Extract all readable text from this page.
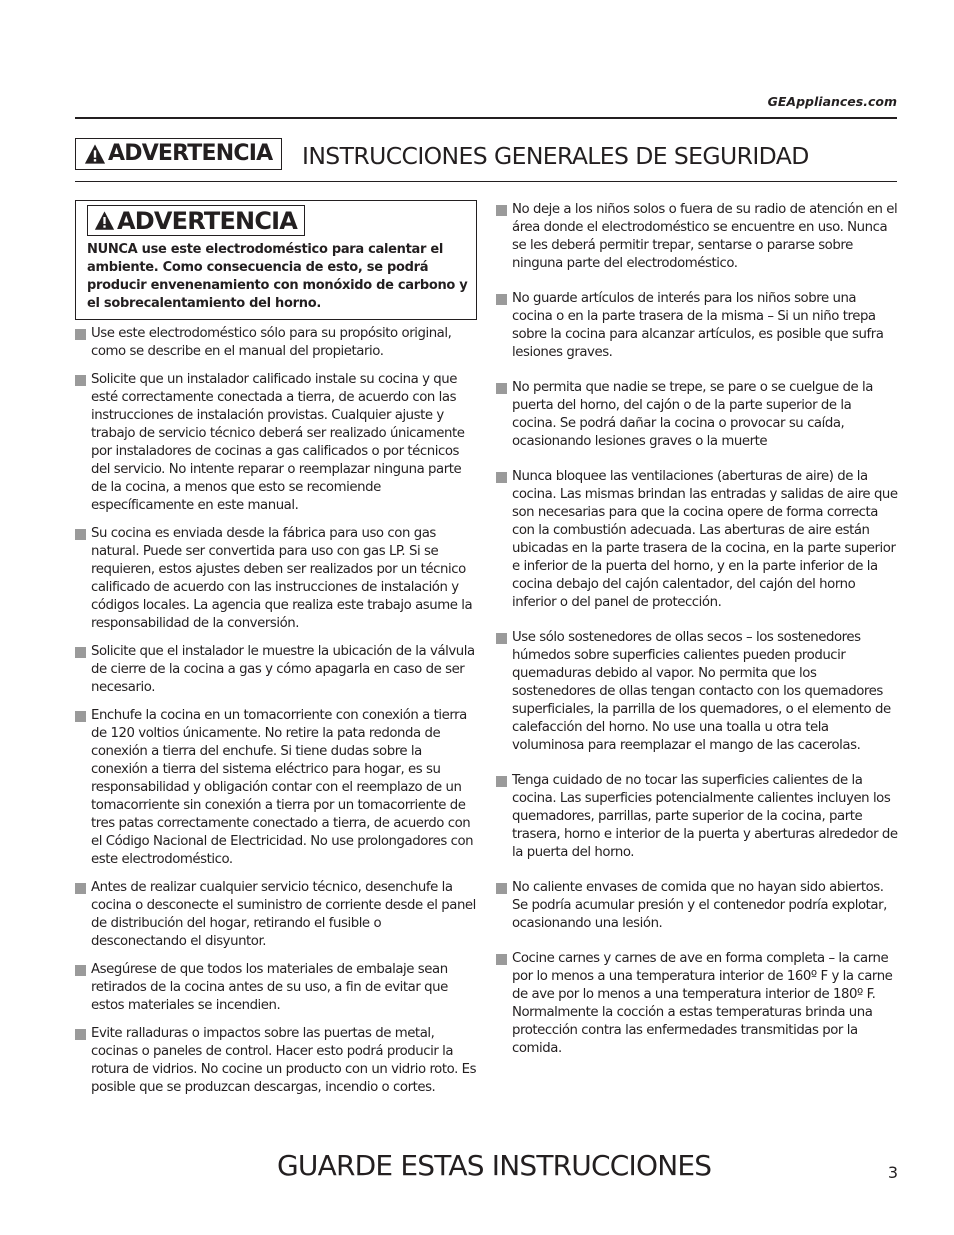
GEAppliances.com
ADVERTENCIA INSTRUCCIONES GENERALES DE SEGURIDAD
ADVERTENCIA
NUNCA use este electrodoméstico para calentar el ambiente. Como consecuencia de esto, se podrá producir envenenamiento con monóxido de carbono y el sobrecalentamiento del horno.
Use este electrodoméstico sólo para su propósito original, como se describe en el manual del propietario.
Solicite que un instalador calificado instale su cocina y que esté correctamente conectada a tierra, de acuerdo con las instrucciones de instalación provistas. Cualquier ajuste y trabajo de servicio técnico deberá ser realizado únicamente por instaladores de cocinas a gas calificados o por técnicos del servicio. No intente reparar o reemplazar ninguna parte de la cocina, a menos que esto se recomiende específicamente en este manual.
Su cocina es enviada desde la fábrica para uso con gas natural. Puede ser convertida para uso con gas LP. Si se requieren, estos ajustes deben ser realizados por un técnico calificado de acuerdo con las instrucciones de instalación y códigos locales. La agencia que realiza este trabajo asume la responsabilidad de la conversión.
Solicite que el instalador le muestre la ubicación de la válvula de cierre de la cocina a gas y cómo apagarla en caso de ser necesario.
Enchufe la cocina en un tomacorriente con conexión a tierra de 120 voltios únicamente. No retire la pata redonda de conexión a tierra del enchufe. Si tiene dudas sobre la conexión a tierra del sistema eléctrico para hogar, es su responsabilidad y obligación contar con el reemplazo de un tomacorriente sin conexión a tierra por un tomacorriente de tres patas correctamente conectado a tierra, de acuerdo con el Código Nacional de Electricidad. No use prolongadores con este electrodoméstico.
Antes de realizar cualquier servicio técnico, desenchufe la cocina o desconecte el suministro de corriente desde el panel de distribución del hogar, retirando el fusible o desconectando el disyuntor.
Asegúrese de que todos los materiales de embalaje sean retirados de la cocina antes de su uso, a fin de evitar que estos materiales se incendien.
Evite ralladuras o impactos sobre las puertas de metal, cocinas o paneles de control. Hacer esto podrá producir la rotura de vidrios. No cocine un producto con un vidrio roto. Es posible que se produzcan descargas, incendio o cortes.
No deje a los niños solos o fuera de su radio de atención en el área donde el electrodoméstico se encuentre en uso. Nunca se les deberá permitir trepar, sentarse o pararse sobre ninguna parte del electrodoméstico.
No guarde artículos de interés para los niños sobre una cocina o en la parte trasera de la misma – Si un niño trepa sobre la cocina para alcanzar artículos, es posible que sufra lesiones graves.
No permita que nadie se trepe, se pare o se cuelgue de la puerta del horno, del cajón o de la parte superior de la cocina. Se podrá dañar la cocina o provocar su caída, ocasionando lesiones graves o la muerte
Nunca bloquee las ventilaciones (aberturas de aire) de la cocina. Las mismas brindan las entradas y salidas de aire que son necesarias para que la cocina opere de forma correcta con la combustión adecuada. Las aberturas de aire están ubicadas en la parte trasera de la cocina, en la parte superior e inferior de la puerta del horno, y en la parte inferior de la cocina debajo del cajón calentador, del cajón del horno inferior o del panel de protección.
Use sólo sostenedores de ollas secos – los sostenedores húmedos sobre superficies calientes pueden producir quemaduras debido al vapor. No permita que los sostenedores de ollas tengan contacto con los quemadores superficiales, la parrilla de los quemadores, o el elemento de calefacción del horno. No use una toalla u otra tela voluminosa para reemplazar el mango de las cacerolas.
Tenga cuidado de no tocar las superficies calientes de la cocina. Las superficies potencialmente calientes incluyen los quemadores, parrillas, parte superior de la cocina, parte trasera, horno e interior de la puerta y aberturas alrededor de la puerta del horno.
No caliente envases de comida que no hayan sido abiertos. Se podría acumular presión y el contenedor podría explotar, ocasionando una lesión.
Cocine carnes y carnes de ave en forma completa – la carne por lo menos a una temperatura interior de 160º F y la carne de ave por lo menos a una temperatura interior de 180º F. Normalmente la cocción a estas temperaturas brinda una protección contra las enfermedades transmitidas por la comida.
GUARDE ESTAS INSTRUCCIONES	3
